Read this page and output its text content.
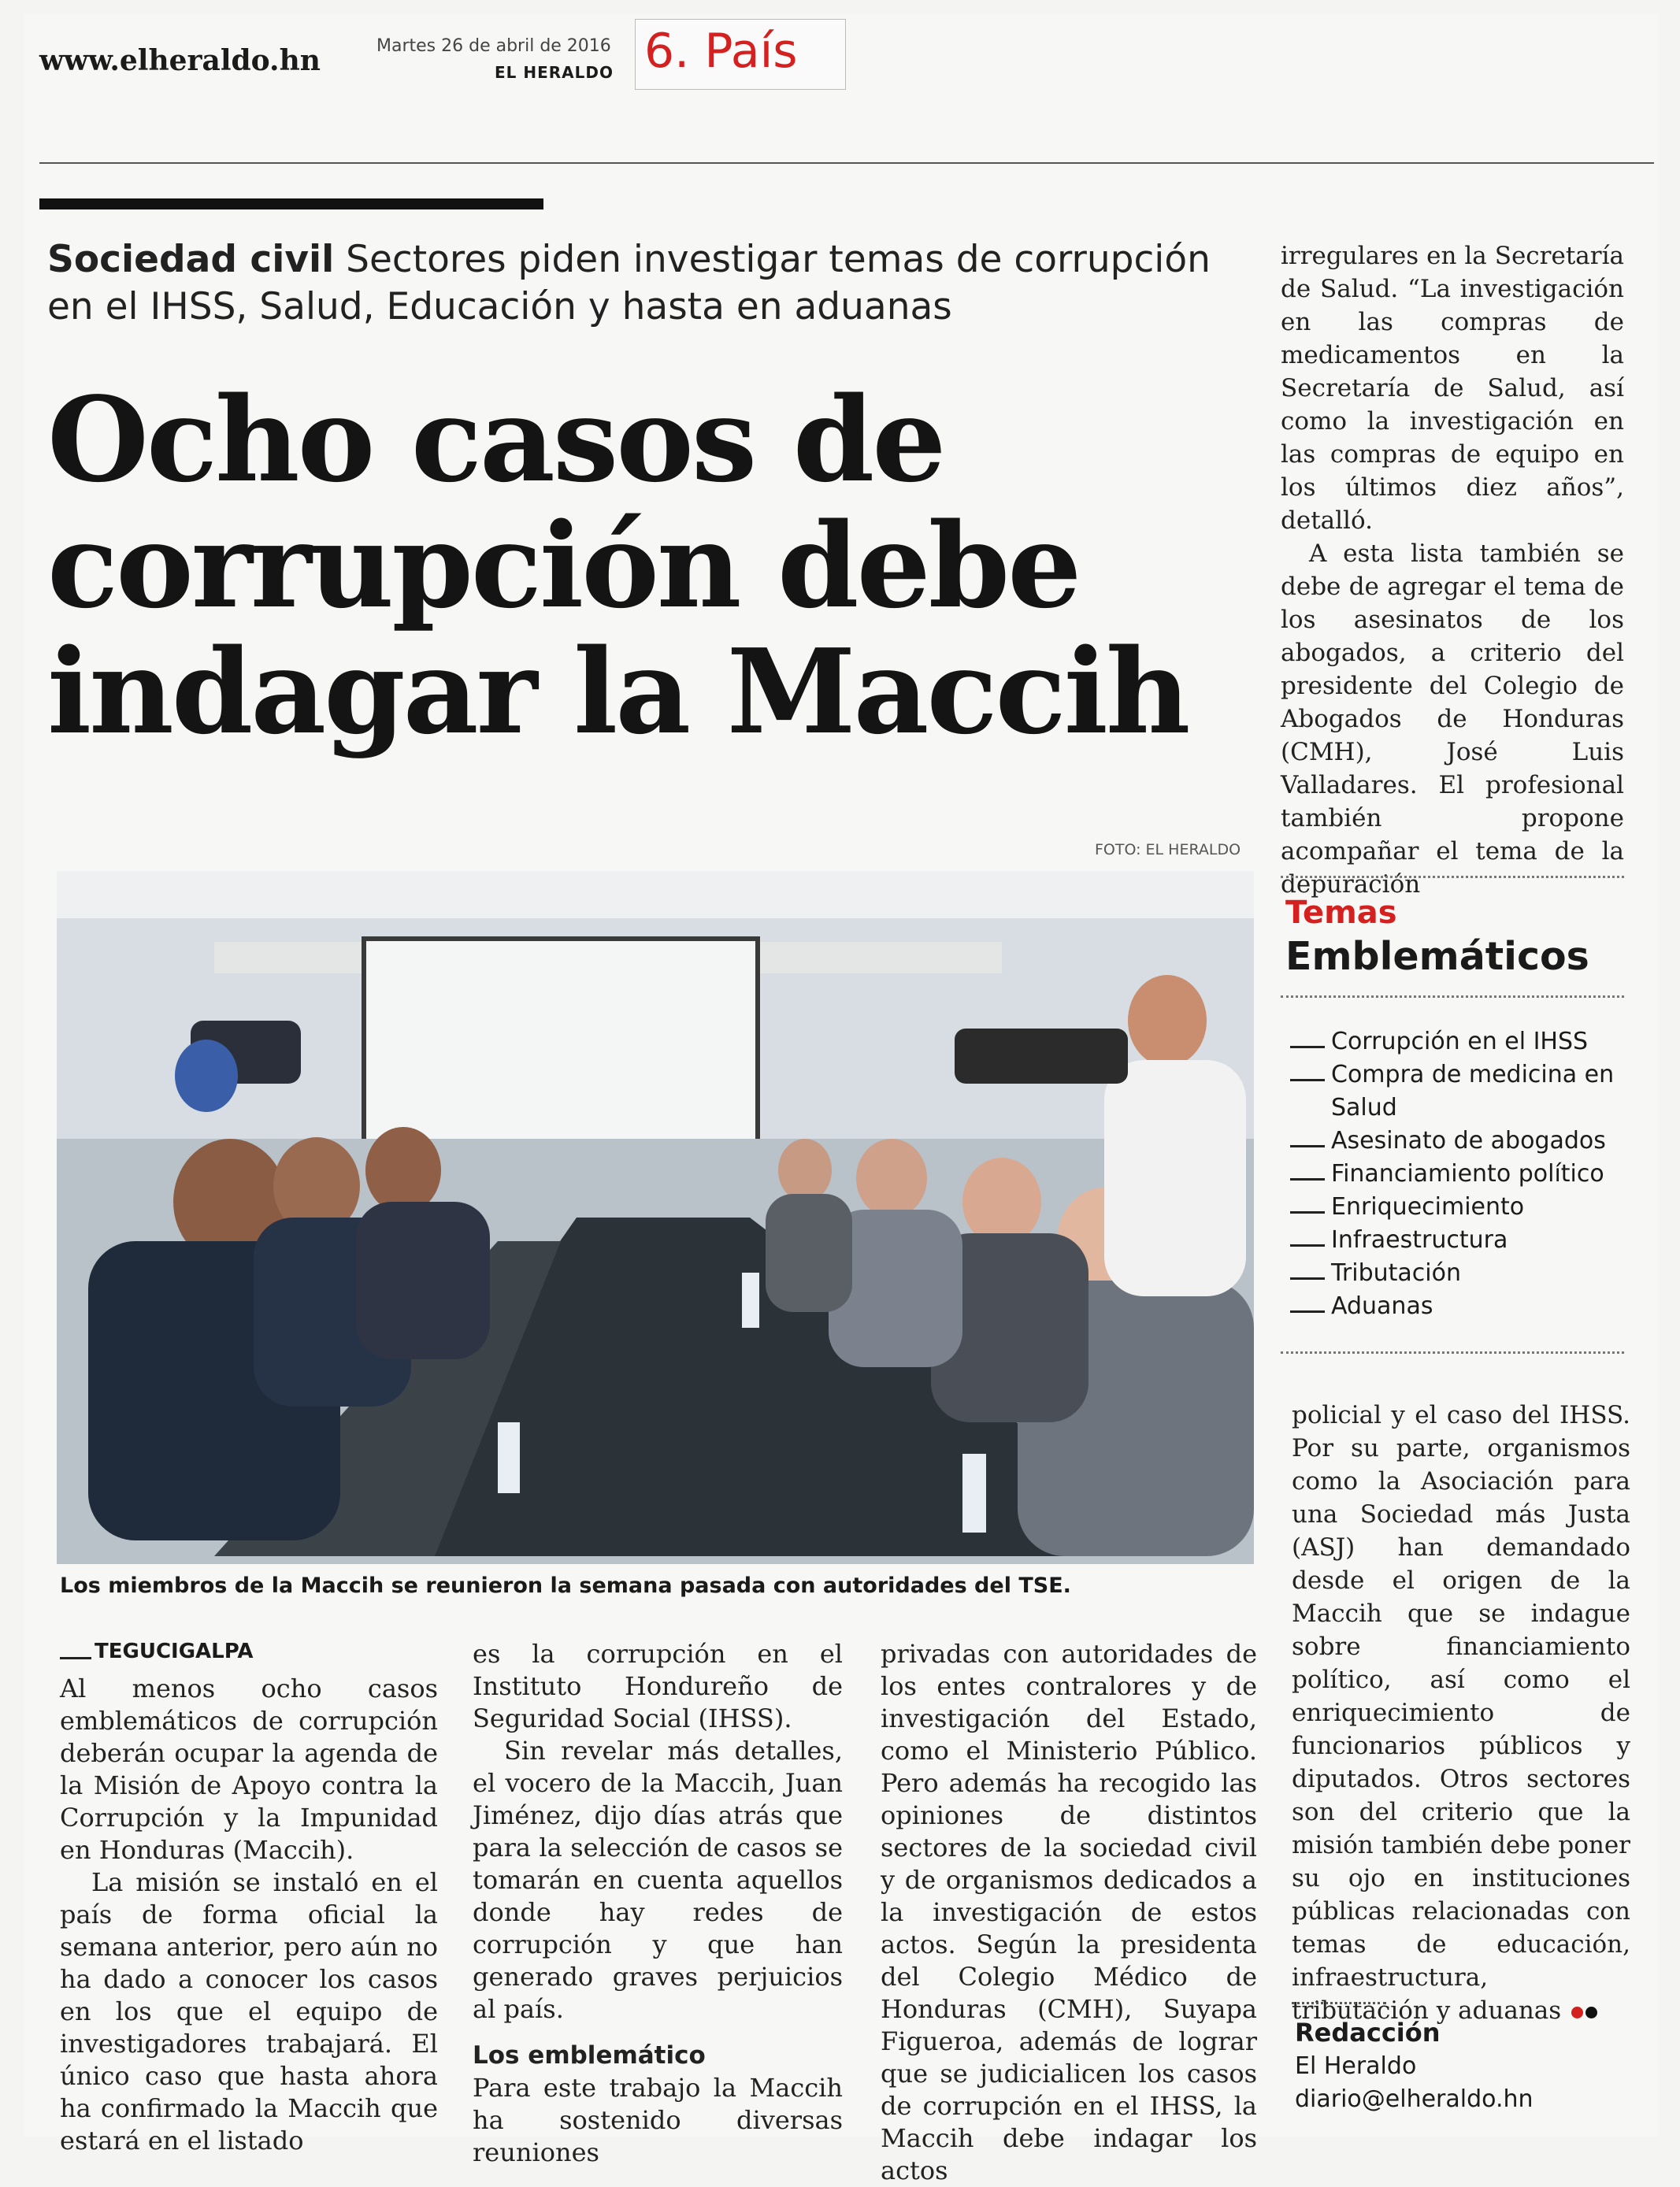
www.elheraldo.hn	Martes 26 de abril de 2016
EL HERALDO 6. País
Sociedad civil Sectores piden investigar temas de corrupción en el IHSS, Salud, Educación y hasta en aduanas
Ocho casos de
corrupción debe
indagar la Maccih
FOTO: EL HERALDO
Los miembros de la Maccih se reunieron la semana pasada con autoridades del TSE.
irregulares en la Secretaría de Salud. “La investigación en las compras de medicamentos en la Secretaría de Salud, así como la investigación en las compras de equipo en los últimos diez años”, detalló.
A esta lista también se debe de agregar el tema de los asesinatos de los abogados, a criterio del presidente del Colegio de Abogados de Honduras (CMH), José Luis Valladares. El profesional también propone acompañar el tema de la depuración
Temas
Emblemáticos
Corrupción en el IHSS
Compra de medicina en Salud
Asesinato de abogados
Financiamiento político
Enriquecimiento
Infraestructura
Tributación
Aduanas
policial y el caso del IHSS. Por su parte, organismos como la Asociación para una Sociedad más Justa (ASJ) han demandado desde el origen de la Maccih que se indague sobre financiamiento político, así como el enriquecimiento de funcionarios públicos y diputados. Otros sectores son del criterio que la misión también debe poner su ojo en instituciones públicas relacionadas con temas de educación, infraestructura, tributación y aduanas
Redacción
El Heraldo
diario@elheraldo.hn
TEGUCIGALPA

Al menos ocho casos emblemáticos de corrupción deberán ocupar la agenda de la Misión de Apoyo contra la Corrupción y la Impunidad en Honduras (Maccih).

La misión se instaló en el país de forma oficial la semana anterior, pero aún no ha dado a conocer los casos en los que el equipo de investigadores trabajará. El único caso que hasta ahora ha confirmado la Maccih que estará en el listado

es la corrupción en el Instituto Hondureño de Seguridad Social (IHSS).

Sin revelar más detalles, el vocero de la Maccih, Juan Jiménez, dijo días atrás que para la selección de casos se tomarán en cuenta aquellos donde hay redes de corrupción y que han generado graves perjuicios al país.

Los emblemático

Para este trabajo la Maccih ha sostenido diversas reuniones

privadas con autoridades de los entes contralores y de investigación del Estado, como el Ministerio Público. Pero además ha recogido las opiniones de distintos sectores de la sociedad civil y de organismos dedicados a la investigación de estos actos. Según la presidenta del Colegio Médico de Honduras (CMH), Suyapa Figueroa, además de lograr que se judicialicen los casos de corrupción en el IHSS, la Maccih debe indagar los actos
